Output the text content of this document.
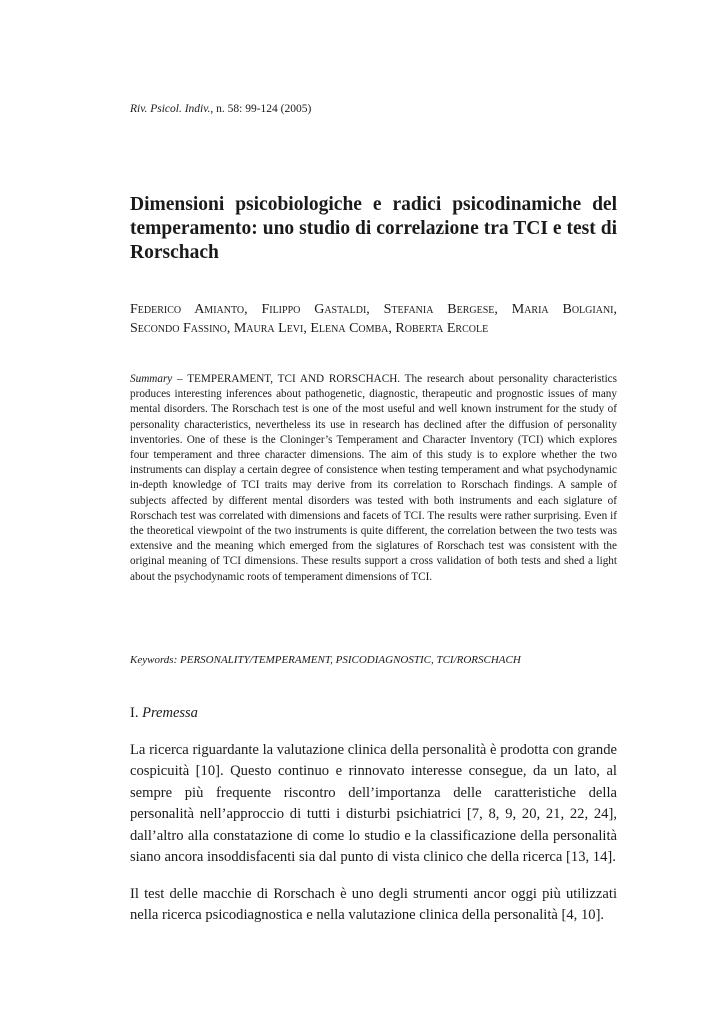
Riv. Psicol. Indiv., n. 58: 99-124 (2005)
Dimensioni psicobiologiche e radici psicodinamiche del temperamento: uno studio di correlazione tra TCI e test di Rorschach
Federico Amianto, Filippo Gastaldi, Stefania Bergese, Maria Bolgiani,
Secondo Fassino, Maura Levi, Elena Comba, Roberta Ercole

Summary – TEMPERAMENT, TCI AND RORSCHACH. The research about personality characteristics produces interesting inferences about pathogenetic, diagnostic, therapeutic and prognostic issues of many mental disorders. The Rorschach test is one of the most useful and well known instrument for the study of personality characteristics, nevertheless its use in research has declined after the diffusion of personality inventories. One of these is the Cloninger’s Temperament and Character Inventory (TCI) which explores four temperament and three character dimensions. The aim of this study is to explore whether the two instruments can display a certain degree of consistence when testing temperament and what psychodynamic in-depth knowledge of TCI traits may derive from its correlation to Rorschach findings. A sample of subjects affected by different mental disorders was tested with both instruments and each siglature of Rorschach test was correlated with dimensions and facets of TCI. The results were rather surprising. Even if the theoretical viewpoint of the two instruments is quite different, the correlation between the two tests was extensive and the meaning which emerged from the siglatures of Rorschach test was consistent with the original meaning of TCI dimensions. These results support a cross validation of both tests and shed a light about the psychodynamic roots of temperament dimensions of TCI.

Keywords: PERSONALITY/TEMPERAMENT, PSICODIAGNOSTIC, TCI/RORSCHACH
I. Premessa

La ricerca riguardante la valutazione clinica della personalità è prodotta con grande cospicuità [10]. Questo continuo e rinnovato interesse consegue, da un lato, al sempre più frequente riscontro dell’importanza delle caratteristiche della personalità nell’approccio di tutti i disturbi psichiatrici [7, 8, 9, 20, 21, 22, 24], dall’altro alla constatazione di come lo studio e la classificazione della personalità siano ancora insoddisfacenti sia dal punto di vista clinico che della ricerca [13, 14].

Il test delle macchie di Rorschach è uno degli strumenti ancor oggi più utilizzati nella ricerca psicodiagnostica e nella valutazione clinica della personalità [4, 10].
